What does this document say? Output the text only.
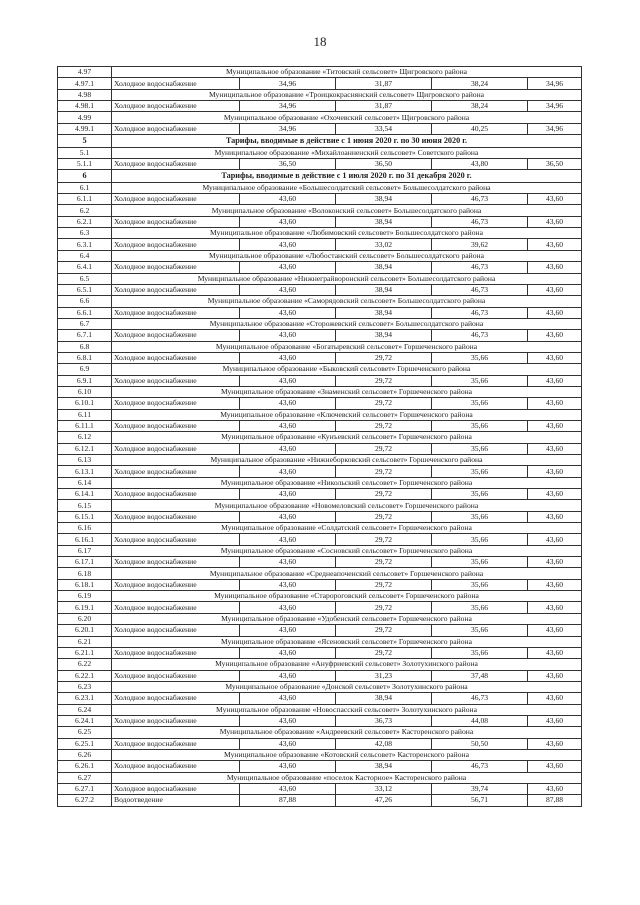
18
4.97	Муниципальное образование «Титовский сельсовет» Щигровского района				
4.97.1	Холодное водоснабжение	34,96	31,87	38,24	34,96
4.98	Муниципальное образование «Троицкокраснянский сельсовет» Щигровского района				
4.98.1	Холодное водоснабжение	34,96	31,87	38,24	34,96
4.99	Муниципальное образование «Охочевский сельсовет» Щигровского района				
4.99.1	Холодное водоснабжение	34,96	33,54	40,25	34,96
5	Тарифы, вводимые в действие с 1 июня 2020 г. по 30 июня 2020 г.				
5.1	Муниципальное образование «Михайлоанненский сельсовет» Советского района				
5.1.1	Холодное водоснабжение	36,50	36,50	43,80	36,50
6	Тарифы, вводимые в действие с 1 июля 2020 г. по 31 декабря 2020 г.				
6.1	Муниципальное образование «Большесолдатский сельсовет» Большесолдатского района				
6.1.1	Холодное водоснабжение	43,60	38,94	46,73	43,60
6.2	Муниципальное образование «Волоконский сельсовет» Большесолдатского района				
6.2.1	Холодное водоснабжение	43,60	38,94	46,73	43,60
6.3	Муниципальное образование «Любимовский сельсовет» Большесолдатского района				
6.3.1	Холодное водоснабжение	43,60	33,02	39,62	43,60
6.4	Муниципальное образование «Любостанский сельсовет» Большесолдатского района				
6.4.1	Холодное водоснабжение	43,60	38,94	46,73	43,60
6.5	Муниципальное образование «Нижнеграйворонский сельсовет» Большесолдатского района				
6.5.1	Холодное водоснабжение	43,60	38,94	46,73	43,60
6.6	Муниципальное образование «Саморядовский сельсовет» Большесолдатского района				
6.6.1	Холодное водоснабжение	43,60	38,94	46,73	43,60
6.7	Муниципальное образование «Сторожевский сельсовет» Большесолдатского района				
6.7.1	Холодное водоснабжение	43,60	38,94	46,73	43,60
6.8	Муниципальное образование «Богатыревский сельсовет» Горшеченского района				
6.8.1	Холодное водоснабжение	43,60	29,72	35,66	43,60
6.9	Муниципальное образование «Быковский сельсовет» Горшеченского района				
6.9.1	Холодное водоснабжение	43,60	29,72	35,66	43,60
6.10	Муниципальное образование «Знаменский сельсовет» Горшеченского района				
6.10.1	Холодное водоснабжение	43,60	29,72	35,66	43,60
6.11	Муниципальное образование «Ключевский сельсовет» Горшеченского района				
6.11.1	Холодное водоснабжение	43,60	29,72	35,66	43,60
6.12	Муниципальное образование «Кунъевский сельсовет» Горшеченского района				
6.12.1	Холодное водоснабжение	43,60	29,72	35,66	43,60
6.13	Муниципальное образование «Нижнеборковский сельсовет» Горшеченского района				
6.13.1	Холодное водоснабжение	43,60	29,72	35,66	43,60
6.14	Муниципальное образование «Никольский сельсовет» Горшеченского района				
6.14.1	Холодное водоснабжение	43,60	29,72	35,66	43,60
6.15	Муниципальное образование «Новомеловский сельсовет» Горшеченского района				
6.15.1	Холодное водоснабжение	43,60	29,72	35,66	43,60
6.16	Муниципальное образование «Солдатский сельсовет» Горшеченского района				
6.16.1	Холодное водоснабжение	43,60	29,72	35,66	43,60
6.17	Муниципальное образование «Сосновский сельсовет» Горшеченского района				
6.17.1	Холодное водоснабжение	43,60	29,72	35,66	43,60
6.18	Муниципальное образование «Среднеапоченский сельсовет» Горшеченского района				
6.18.1	Холодное водоснабжение	43,60	29,72	35,66	43,60
6.19	Муниципальное образование «Старороговский сельсовет» Горшеченского района				
6.19.1	Холодное водоснабжение	43,60	29,72	35,66	43,60
6.20	Муниципальное образование «Удобенский сельсовет» Горшеченского района				
6.20.1	Холодное водоснабжение	43,60	29,72	35,66	43,60
6.21	Муниципальное образование «Ясеновский сельсовет» Горшеченского района				
6.21.1	Холодное водоснабжение	43,60	29,72	35,66	43,60
6.22	Муниципальное образование «Ануфриевский сельсовет» Золотухинского района				
6.22.1	Холодное водоснабжение	43,60	31,23	37,48	43,60
6.23	Муниципальное образование «Донской сельсовет» Золотухинского района				
6.23.1	Холодное водоснабжение	43,60	38,94	46,73	43,60
6.24	Муниципальное образование «Новоспасский сельсовет» Золотухинского района				
6.24.1	Холодное водоснабжение	43,60	36,73	44,08	43,60
6.25	Муниципальное образование «Андреевский сельсовет» Касторенского района				
6.25.1	Холодное водоснабжение	43,60	42,08	50,50	43,60
6.26	Муниципальное образование «Котовский сельсовет» Касторенского района				
6.26.1	Холодное водоснабжение	43,60	38,94	46,73	43,60
6.27	Муниципальное образование «поселок Касторное» Касторенского района				
6.27.1	Холодное водоснабжение	43,60	33,12	39,74	43,60
6.27.2	Водоотведение	87,88	47,26	56,71	87,88
